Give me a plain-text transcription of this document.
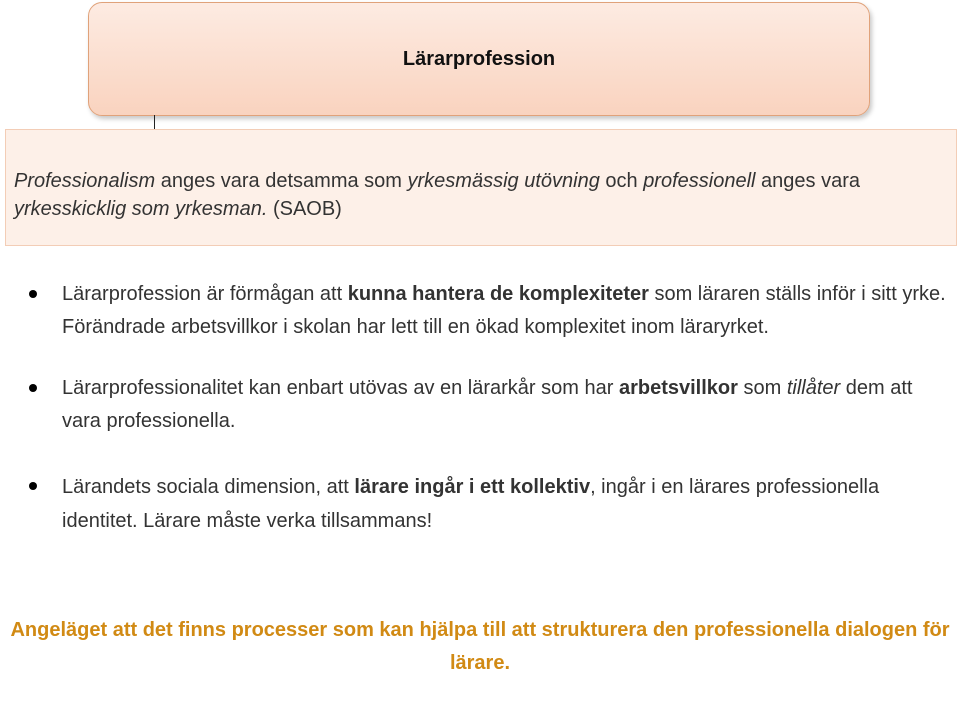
Lärarprofession
Professionalism anges vara detsamma som yrkesmässig utövning och professionell anges vara yrkesskicklig som yrkesman. (SAOB)
Lärarprofession är förmågan att kunna hantera de komplexiteter som läraren ställs inför i sitt yrke. Förändrade arbetsvillkor i skolan har lett till en ökad komplexitet inom läraryrket.
Lärarprofessionalitet kan enbart utövas av en lärarkår som har arbetsvillkor som tillåter dem att vara professionella.
Lärandets sociala dimension, att lärare ingår i ett kollektiv, ingår i en lärares professionella identitet. Lärare måste verka tillsammans!
Angeläget att det finns processer som kan hjälpa till att strukturera den professionella dialogen för lärare.
